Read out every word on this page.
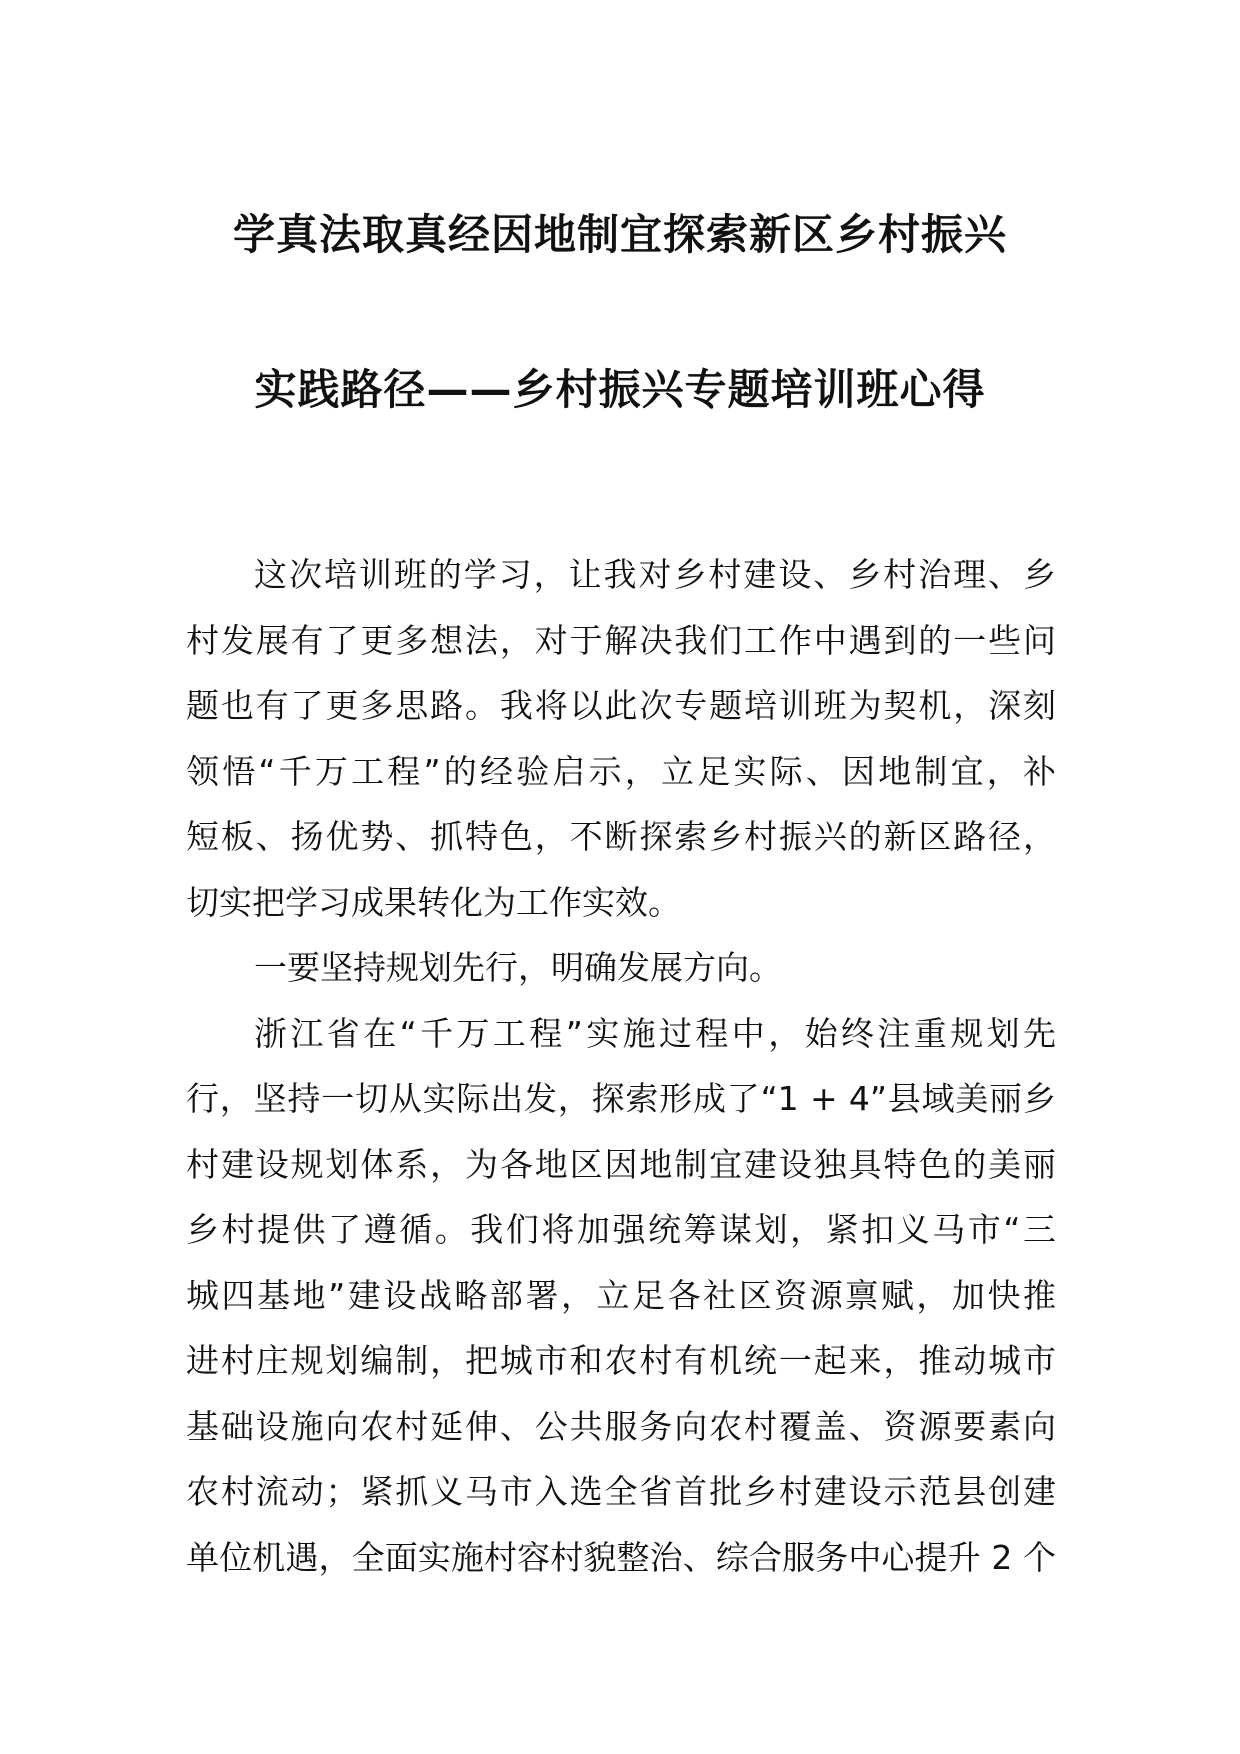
学真法取真经因地制宜探索新区乡村振兴
实践路径——乡村振兴专题培训班心得
这次培训班的学习，让我对乡村建设、乡村治理、乡
村发展有了更多想法，对于解决我们工作中遇到的一些问
题也有了更多思路。我将以此次专题培训班为契机，深刻
领悟“千万工程”的经验启示，立足实际、因地制宜，补
短板、扬优势、抓特色，不断探索乡村振兴的新区路径，
切实把学习成果转化为工作实效。
一要坚持规划先行，明确发展方向。
浙江省在“千万工程”实施过程中，始终注重规划先
行，坚持一切从实际出发，探索形成了“1 + 4”县域美丽乡
村建设规划体系，为各地区因地制宜建设独具特色的美丽
乡村提供了遵循。我们将加强统筹谋划，紧扣义马市“三
城四基地”建设战略部署，立足各社区资源禀赋，加快推
进村庄规划编制，把城市和农村有机统一起来，推动城市
基础设施向农村延伸、公共服务向农村覆盖、资源要素向
农村流动；紧抓义马市入选全省首批乡村建设示范县创建
单位机遇，全面实施村容村貌整治、综合服务中心提升 2 个
